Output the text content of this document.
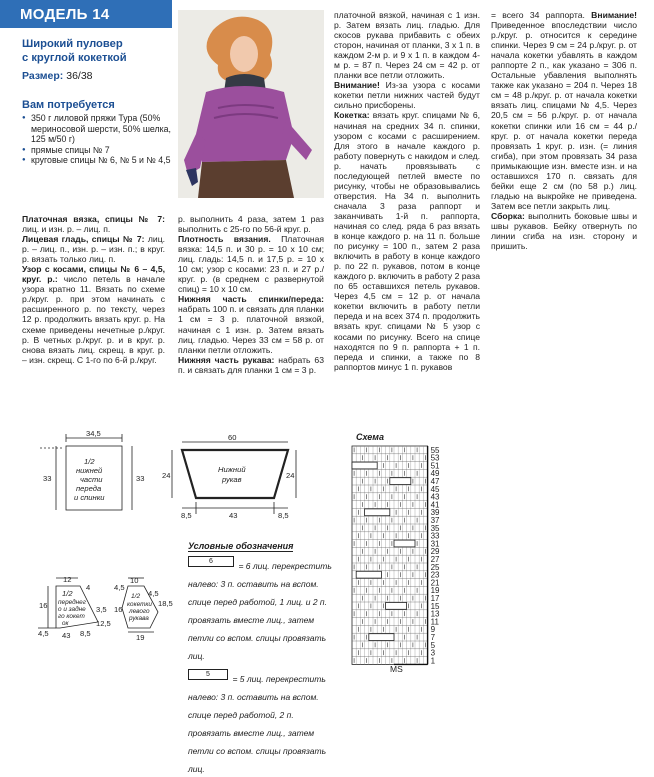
МОДЕЛЬ 14
Широкий пуловер
с круглой кокеткой
Размер: 36/38
Вам потребуется
● 350 г лиловой пряжи Тура (50% мериносовой шерсти, 50% шелка, 125 м/50 г)
● прямые спицы № 7
● круговые спицы № 6, № 5 и № 4,5
Платочная вязка, спицы № 7: лиц. и изн. р. – лиц. п.
Лицевая гладь, спицы № 7: лиц. р. – лиц. п., изн. р. – изн. п.; в круг. р. вязать только лиц. п.
Узор с косами, спицы № 6 – 4,5, круг. р.: число петель в начале узора кратно 11. Вязать по схеме р./круг. р. при этом начинать с расширенного р. по тексту, через 12 р. продолжить вязать круг. р. На схеме приведены нечетные р./круг. р. В четных р./круг. р. и в круг. р. снова вязать лиц. скрещ. в круг. р. – изн. скрещ. С 1-го по 6-й р./круг.
р. выполнить 4 раза, затем 1 раз выполнить с 25-го по 56-й круг. р.
Плотность вязания. Платочная вязка: 14,5 п. и 30 р. = 10 х 10 см; лиц. гладь: 14,5 п. и 17,5 р. = 10 х 10 см; узор с косами: 23 п. и 27 р./круг. р. (в среднем с развернутой спиц) = 10 х 10 см.
Нижняя часть спинки/переда: набрать 100 п. и связать для планки 1 см = 3 р. платочной вязкой, начиная с 1 изн. р. Затем вязать лиц. гладью. Через 33 см = 58 р. от планки петли отложить.
Нижняя часть рукава: набрать 63 п. и связать для планки 1 см = 3 р.
платочной вязкой, начиная с 1 изн. р. Затем вязать лиц. гладью. Для скосов рукава прибавить с обеих сторон, начиная от планки, 3 х 1 п. в каждом 2-м р. и 9 х 1 п. в каждом 4-м р. = 87 п. Через 24 см = 42 р. от планки все петли отложить.
Внимание! Из-за узора с косами кокетки петли нижних частей будут сильно присборены.
Кокетка: вязать круг. спицами № 6, начиная на средних 34 п. спинки, узором с косами с расширением. Для этого в начале каждого р. работу повернуть с накидом и след. р. начать провязывать с последующей петлей вместе по рисунку, чтобы не образовывались отверстия. На 34 п. выполнить сначала 3 раза раппорт и заканчивать 1-й п. раппорта, начиная со след. ряда 6 раз вязать в конце каждого р. на 11 п. больше по рисунку = 100 п., затем 2 раза включить в работу в конце каждого р. по 22 п. рукавов, потом в конце каждого р. включить в работу 2 раза по 65 оставшихся петель рукавов. Через 4,5 см = 12 р. от начала кокетки включить в работу петли переда и на всех 374 п. продолжить вязать круг. спицами № 5 узор с косами по рисунку. Всего на спице находятся по 9 п. раппорта + 1 п. переда и спинки, а также по 8 раппортов минус 1 п. рукавов
= всего 34 раппорта. Внимание! Приведенное впоследствии число р./круг. р. относится к середине спинки. Через 9 см = 24 р./круг. р. от начала кокетки убавлять в каждом раппорте 2 п., как указано = 306 п. Остальные убавления выполнять также как указано = 204 п. Через 18 см = 48 р./круг. р. от начала кокетки вязать лиц. спицами № 4,5. Через 20,5 см = 56 р./круг. р. от начала кокетки спинки или 16 см = 44 р./круг. р. от начала кокетки переда провязать 1 круг. р. изн. (= линия сгиба), при этом провязать 34 раза примыкающие изн. вместе изн. и на оставшихся 170 п. связать для бейки еще 2 см (по 58 р.) лиц. гладью на выкройке не приведена. Затем все петли закрыть лиц.
Сборка: выполнить боковые швы и швы рукавов. Бейку отвернуть по линии сгиба на изн. сторону и пришить.
34,5
33	33
1/2
нижней
части
переда
и спинки
60
24	24
8,5	43	8,5
Нижний
рукав
12
4
16	3,5
8,5
4,5 43
12,5
1/2
переднег
о и задне
го кокет
ок
10
4,5
4,5
18,5
16
19
1/2
кокетки
левого
рукава
Условные обозначения
6	= 6 лиц. перекрестить налево: 3 п. оставить на вспом. спице перед работой, 1 лиц. и 2 п. провязать вместе лиц., затем петли со вспом. спицы провязать лиц.
5	= 5 лиц. перекрестить налево: 3 п. оставить на вспом. спице перед работой, 2 п. провязать вместе лиц., затем петли со вспом. спицы провязать лиц.
Схема
55
53
51
49
47
45
43
41
39
37
35
33
31
29
27
25
23
21
19
17
15
13
11
9
7
5
3
1
MS
